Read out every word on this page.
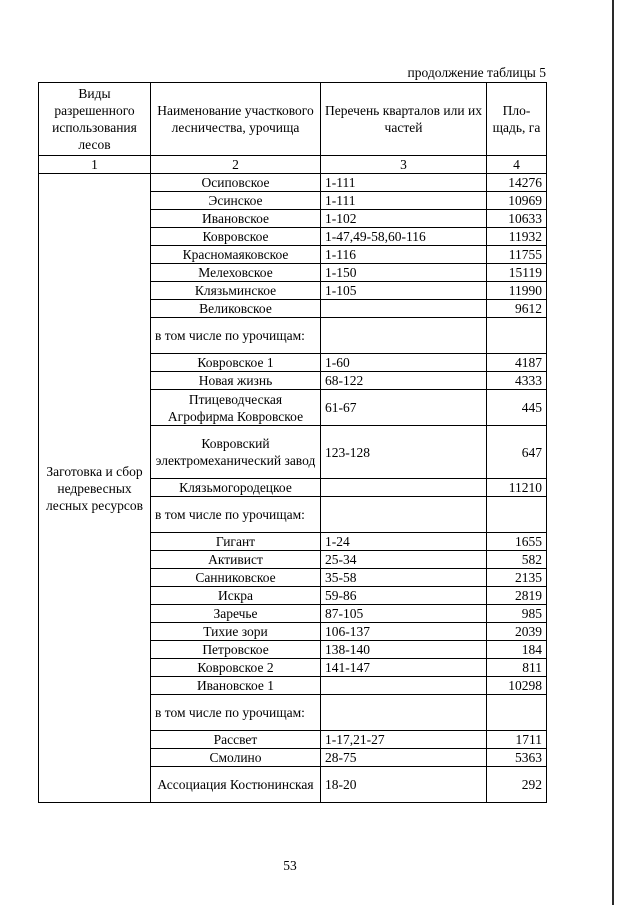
продолжение таблицы 5
Виды разрешенного использования лесов	Наименование участкового лесничества, урочища	Перечень кварталов или их частей	Пло-щадь, га
1	2	3	4
Заготовка и сбор недревесных лесных ресурсов	Осиповское	1-111	14276
	Эсинское	1-111	10969
	Ивановское	1-102	10633
	Ковровское	1-47,49-58,60-116	11932
	Красномаяковское	1-116	11755
	Мелеховское	1-150	15119
	Клязьминское	1-105	11990
	Великовское		9612
	в том числе по урочищам:		
	Ковровское 1	1-60	4187
	Новая жизнь	68-122	4333
	Птицеводческая Агрофирма Ковровское	61-67	445
	Ковровский электромеханический завод	123-128	647
	Клязьмогородецкое		11210
	в том числе по урочищам:		
	Гигант	1-24	1655
	Активист	25-34	582
	Санниковское	35-58	2135
	Искра	59-86	2819
	Заречье	87-105	985
	Тихие зори	106-137	2039
	Петровское	138-140	184
	Ковровское 2	141-147	811
	Ивановское 1		10298
	в том числе по урочищам:		
	Рассвет	1-17,21-27	1711
	Смолино	28-75	5363
	Ассоциация Костюнинская	18-20	292
53
